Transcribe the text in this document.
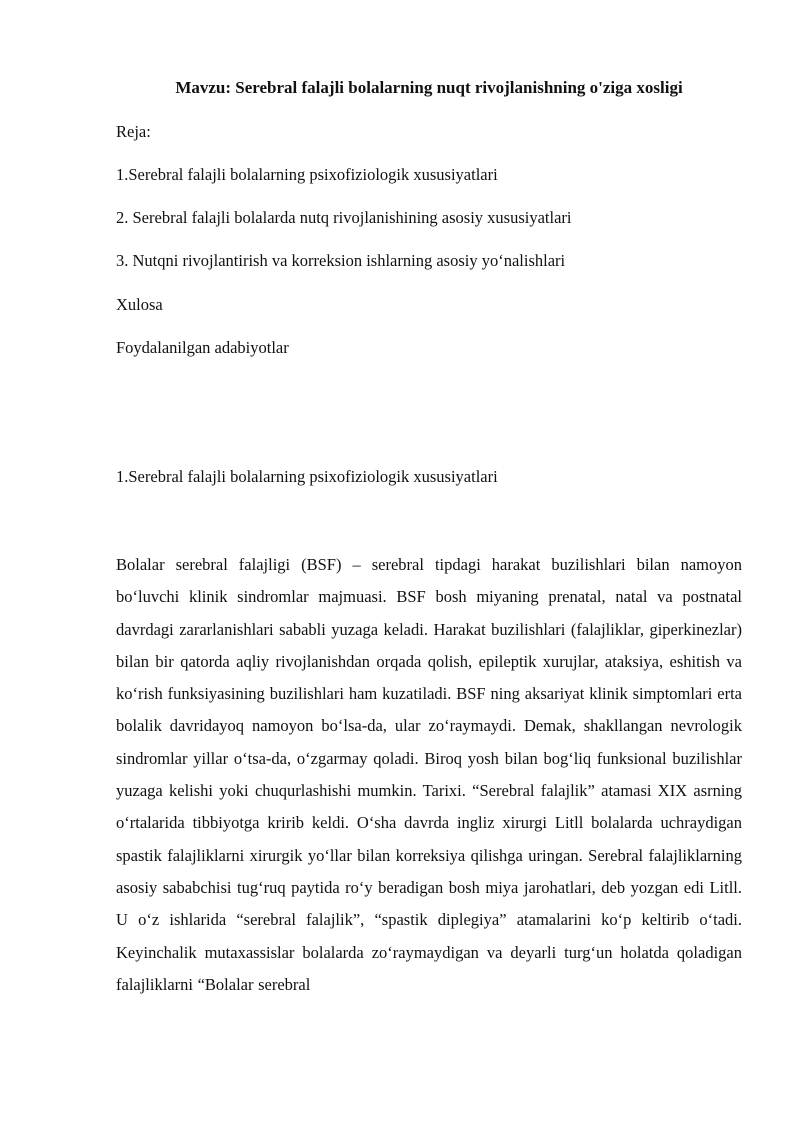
Mavzu: Serebral falajli bolalarning nuqt rivojlanishning o'ziga xosligi

Reja:

1.Serebral falajli bolalarning psixofiziologik xususiyatlari

2. Serebral falajli bolalarda nutq rivojlanishining asosiy xususiyatlari

3. Nutqni rivojlantirish va korreksion ishlarning asosiy yo‘nalishlari

Xulosa

Foydalanilgan adabiyotlar

1.Serebral falajli bolalarning psixofiziologik xususiyatlari

Bolalar serebral falajligi (BSF) – serebral tipdagi harakat buzilishlari bilan namoyon bo‘luvchi klinik sindromlar majmuasi. BSF bosh miyaning prenatal, natal va postnatal davrdagi zararlanishlari sababli yuzaga keladi. Harakat buzilishlari (falajliklar, giperkinezlar) bilan bir qatorda aqliy rivojlanishdan orqada qolish, epileptik xurujlar, ataksiya, eshitish va ko‘rish funksiyasining buzilishlari ham kuzatiladi. BSF ning aksariyat klinik simptomlari erta bolalik davridayoq namoyon bo‘lsa-da, ular zo‘raymaydi. Demak, shakllangan nevrologik sindromlar yillar o‘tsa-da, o‘zgarmay qoladi. Biroq yosh bilan bog‘liq funksional buzilishlar yuzaga kelishi yoki chuqurlashishi mumkin. Tarixi. “Serebral falajlik” atamasi XIX asrning o‘rtalarida tibbiyotga kririb keldi. O‘sha davrda ingliz xirurgi Litll bolalarda uchraydigan spastik falajliklarni xirurgik yo‘llar bilan korreksiya qilishga uringan. Serebral falajliklarning asosiy sababchisi tug‘ruq paytida ro‘y beradigan bosh miya jarohatlari, deb yozgan edi Litll. U o‘z ishlarida “serebral falajlik”, “spastik diplegiya” atamalarini ko‘p keltirib o‘tadi. Keyinchalik mutaxassislar bolalarda zo‘raymaydigan va deyarli turg‘un holatda qoladigan falajliklarni “Bolalar serebral
